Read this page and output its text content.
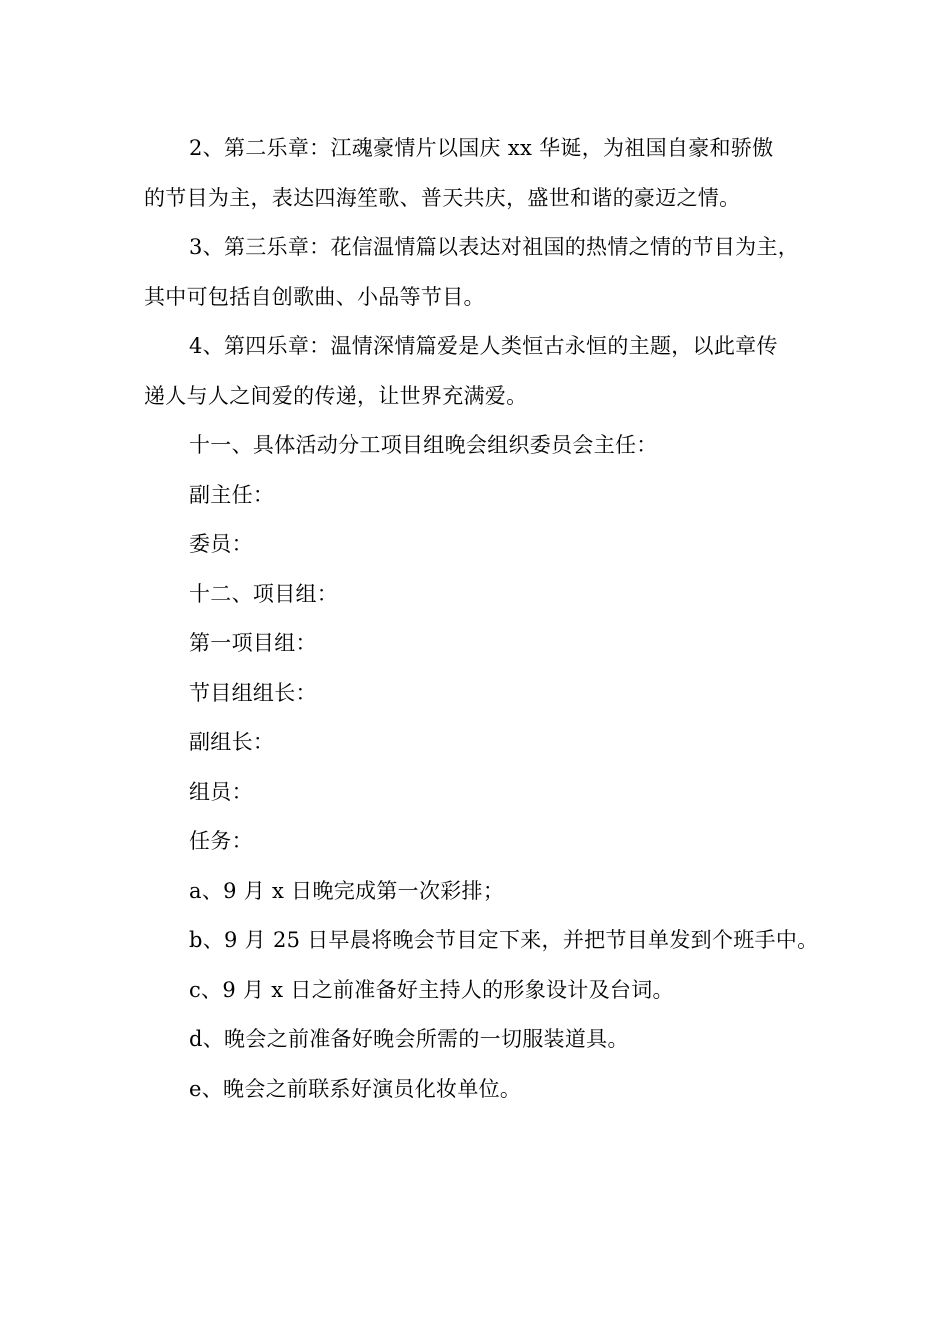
2、第二乐章：江魂豪情片以国庆 xx 华诞，为祖国自豪和骄傲
的节目为主，表达四海笙歌、普天共庆，盛世和谐的豪迈之情。
3、第三乐章：花信温情篇以表达对祖国的热情之情的节目为主，
其中可包括自创歌曲、小品等节目。
4、第四乐章：温情深情篇爱是人类恒古永恒的主题，以此章传
递人与人之间爱的传递，让世界充满爱。
十一、具体活动分工项目组晚会组织委员会主任：
副主任：
委员：
十二、项目组：
第一项目组：
节目组组长：
副组长：
组员：
任务：
a、9 月 x 日晚完成第一次彩排；
b、9 月 25 日早晨将晚会节目定下来，并把节目单发到个班手中。
c、9 月 x 日之前准备好主持人的形象设计及台词。
d、晚会之前准备好晚会所需的一切服装道具。
e、晚会之前联系好演员化妆单位。
